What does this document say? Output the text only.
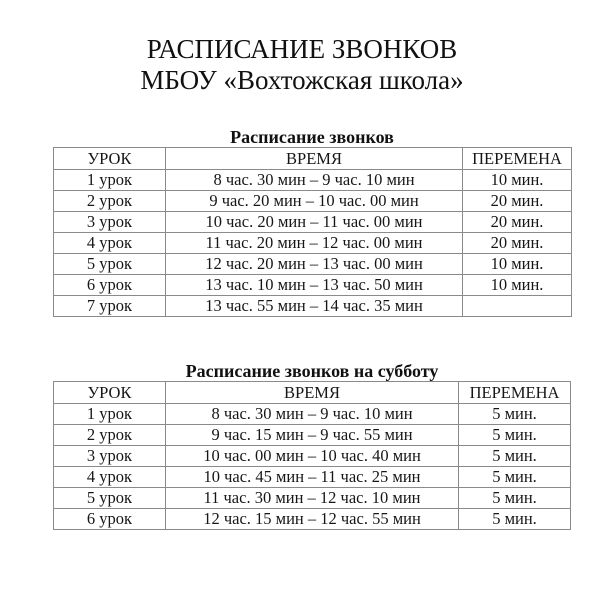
РАСПИСАНИЕ ЗВОНКОВ
МБОУ «Вохтожская школа»
Расписание звонков
УРОК	ВРЕМЯ	ПЕРЕМЕНА
1 урок	8 час. 30 мин – 9 час. 10 мин	10 мин.
2 урок	9 час. 20 мин – 10 час. 00 мин	20 мин.
3 урок	10 час. 20 мин – 11 час. 00 мин	20 мин.
4 урок	11 час. 20 мин – 12 час. 00 мин	20 мин.
5 урок	12 час. 20 мин – 13 час. 00 мин	10 мин.
6 урок	13 час. 10 мин – 13 час. 50 мин	10 мин.
7 урок	13 час. 55 мин – 14 час. 35 мин	
Расписание звонков на субботу
УРОК	ВРЕМЯ	ПЕРЕМЕНА
1 урок	8 час. 30 мин – 9 час. 10 мин	5 мин.
2 урок	9 час. 15 мин – 9 час. 55 мин	5 мин.
3 урок	10 час. 00 мин – 10 час. 40 мин	5 мин.
4 урок	10 час. 45 мин – 11 час. 25 мин	5 мин.
5 урок	11 час. 30 мин – 12 час. 10 мин	5 мин.
6 урок	12 час. 15 мин – 12 час. 55 мин	5 мин.
